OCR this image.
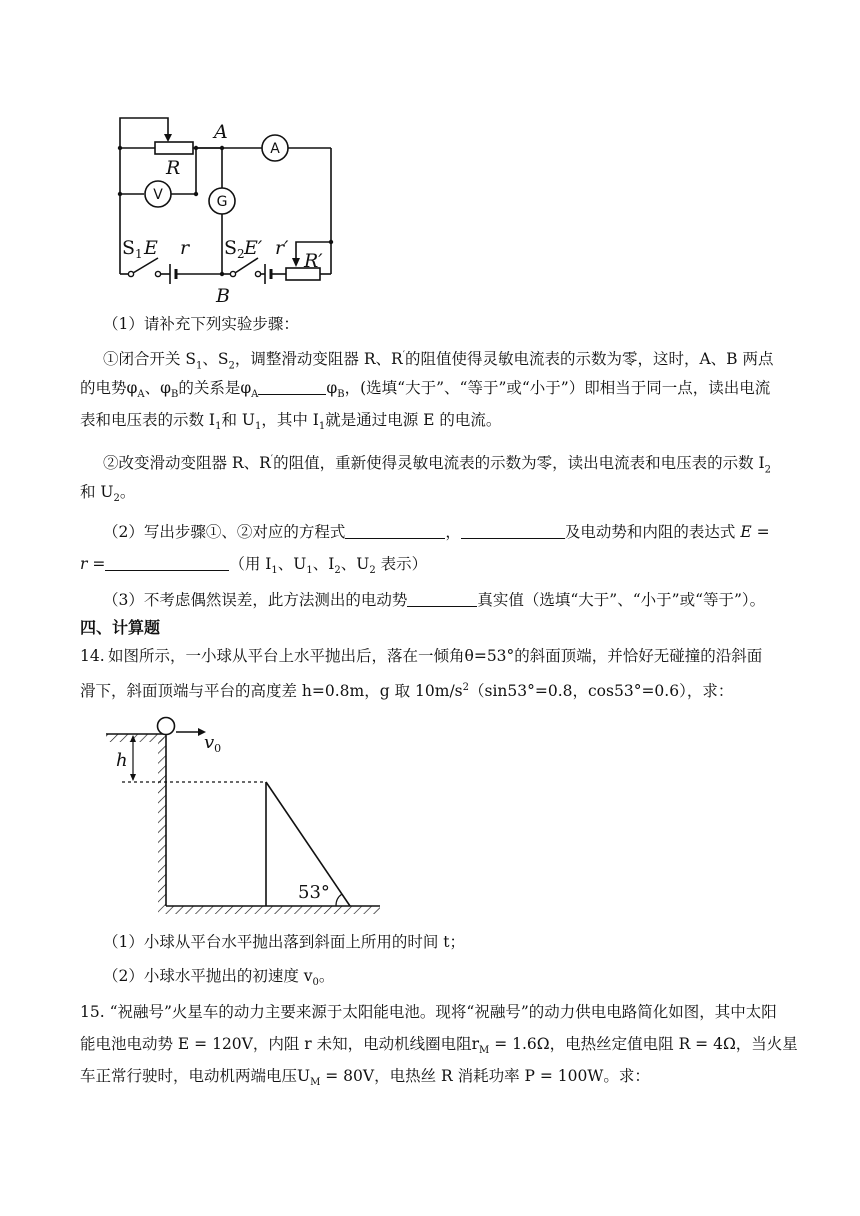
R
A
E r	E′ r′
R′
B
A
V	G
$S_1$	$S_2$
（1）请补充下列实验步骤：
①闭合开关 $S_1$、$S_2$，调整滑动变阻器 R、R′的阻值使得灵敏电流表的示数为零，这时，A、B 两点
的电势$\varphi_A$、$\varphi_B$的关系是$\varphi_A$	$\varphi_B$，(选填“大于”、“等于”或“小于”）即相当于同一点，读出电流
表和电压表的示数 $I_1$和 $U_1$，其中 $I_1$就是通过电源 E 的电流。
②改变滑动变阻器 R、R′的阻值，重新使得灵敏电流表的示数为零，读出电流表和电压表的示数 $I_2$
和 $U_2$。
（2）写出步骤①、②对应的方程式	，	及电动势和内阻的表达式 E =
r =	（用 $I_1$、$U_1$、$I_2$、$U_2$ 表示）
（3）不考虑偶然误差，此方法测出的电动势	真实值（选填“大于”、“小于”或“等于”）。
四、计算题
14. 如图所示，一小球从平台上水平抛出后，落在一倾角θ=53°的斜面顶端，并恰好无碰撞的沿斜面
滑下，斜面顶端与平台的高度差 h=0.8m，g 取 $10m/s^2(\sin 53^\circ=0.8$，cos53°=0.6），求：
$v_0$
h
53°
（1）小球从平台水平抛出落到斜面上所用的时间 t；
（2）小球水平抛出的初速度 $v_0$。
15. “祝融号”火星车的动力主要来源于太阳能电池。现将“祝融号”的动力供电电路简化如图，其中太阳
能电池电动势 E = 120V，内阻 r 未知，电动机线圈电阻$r_M = 1.6\Omega$，电热丝定值电阻 R = 4Ω，当火星
车正常行驶时，电动机两端电压$U_M = 80V$，电热丝 R 消耗功率 P = 100W。求：
